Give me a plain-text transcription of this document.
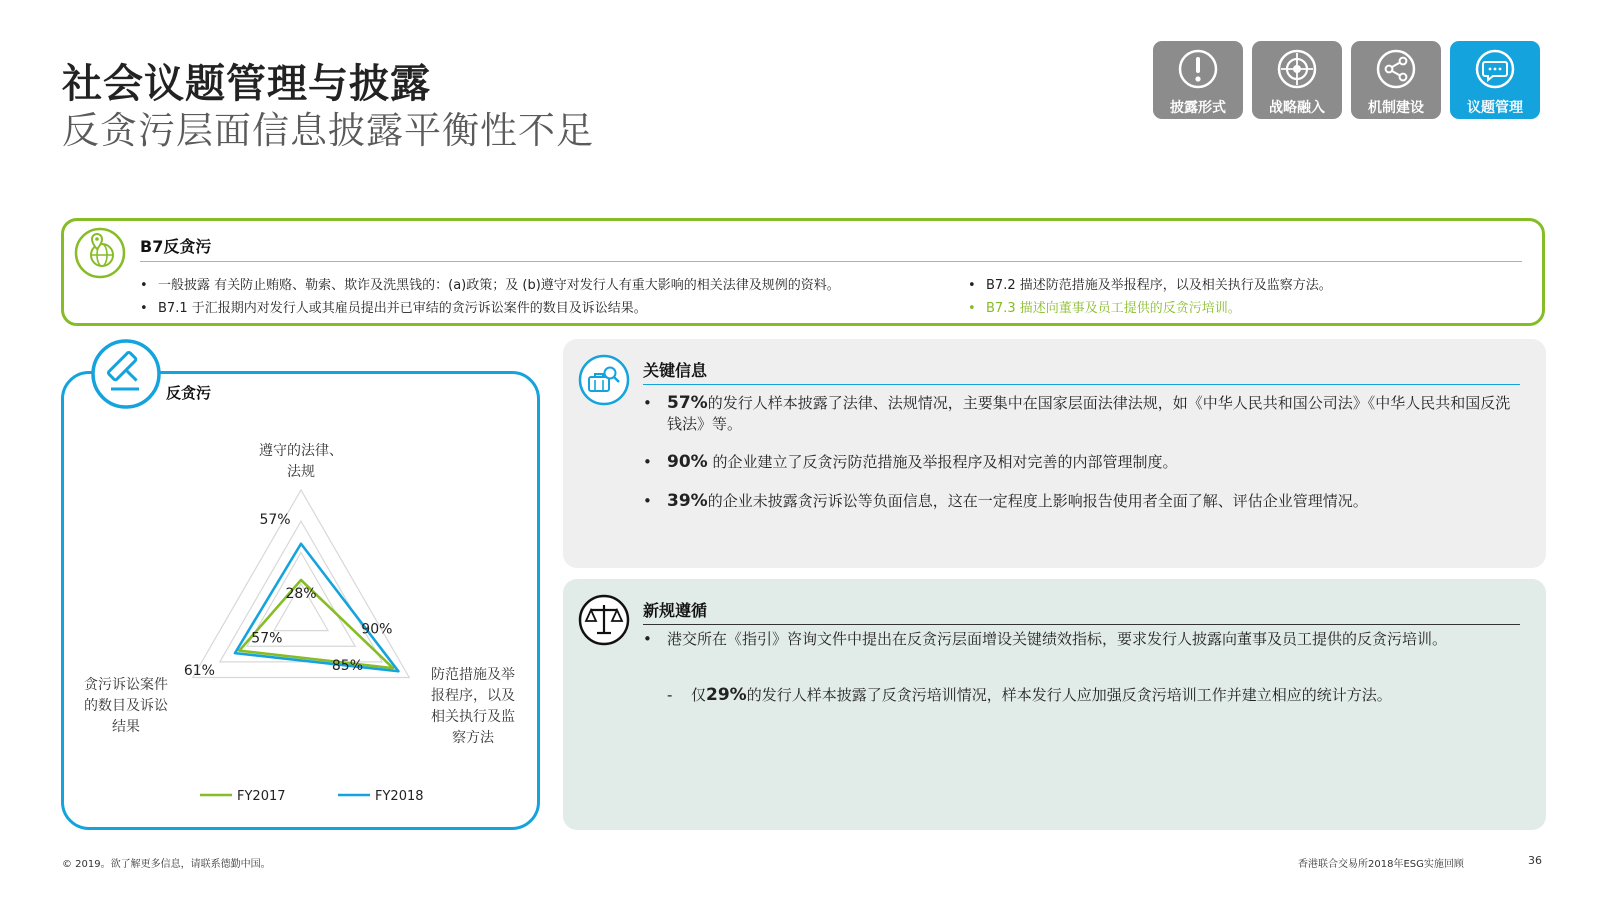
社会议题管理与披露
反贪污层面信息披露平衡性不足
披露形式	战略融入	机制建设	议题管理
B7反贪污
• 一般披露 有关防止贿赂、勒索、欺诈及洗黑钱的：(a)政策；及 (b)遵守对发行人有重大影响的相关法律及规例的资料。
• B7.1 于汇报期内对发行人或其雇员提出并已审结的贪污诉讼案件的数目及诉讼结果。
• B7.2 描述防范措施及举报程序，以及相关执行及监察方法。
• B7.3 描述向董事及员工提供的反贪污培训。
反贪污
28%
85%
57%
57%
90%
61%
遵守的法律、
法规
防范措施及举
报程序，以及
相关执行及监
察方法
贪污诉讼案件
的数目及诉讼
结果
FY2017	FY2018
关键信息
• 57%的发行人样本披露了法律、法规情况，主要集中在国家层面法律法规，如《中华人民共和国公司法》《中华人民共和国反洗钱法》等。
• 90% 的企业建立了反贪污防范措施及举报程序及相对完善的内部管理制度。
• 39%的企业未披露贪污诉讼等负面信息，这在一定程度上影响报告使用者全面了解、评估企业管理情况。
新规遵循
• 港交所在《指引》咨询文件中提出在反贪污层面增设关键绩效指标，要求发行人披露向董事及员工提供的反贪污培训。
- 仅29%的发行人样本披露了反贪污培训情况，样本发行人应加强反贪污培训工作并建立相应的统计方法。
© 2019。欲了解更多信息，请联系德勤中国。	香港联合交易所2018年ESG实施回顾	36
